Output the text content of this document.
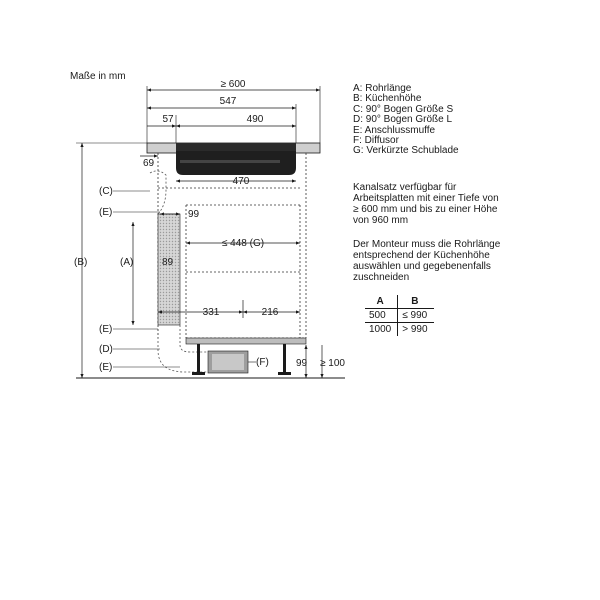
Maße in mm
≥ 600
547
57	490
470
69
99
89
≤ 448 (G)
331	216
99 ≥ 100
(C)
(E)
(A)
(B)
(E)
(D)
(E)	(F)
A: Rohrlänge
B: Küchenhöhe
C: 90° Bogen Größe S
D: 90° Bogen Größe L
E: Anschlussmuffe
F: Diffusor
G: Verkürzte Schublade
Kanalsatz verfügbar für Arbeitsplatten mit einer Tiefe von ≥ 600 mm und bis zu einer Höhe von 960 mm
Der Monteur muss die Rohrlänge entsprechend der Küchenhöhe auswählen und gegebenenfalls zuschneiden
A	B
500	≤ 990
1000	> 990
